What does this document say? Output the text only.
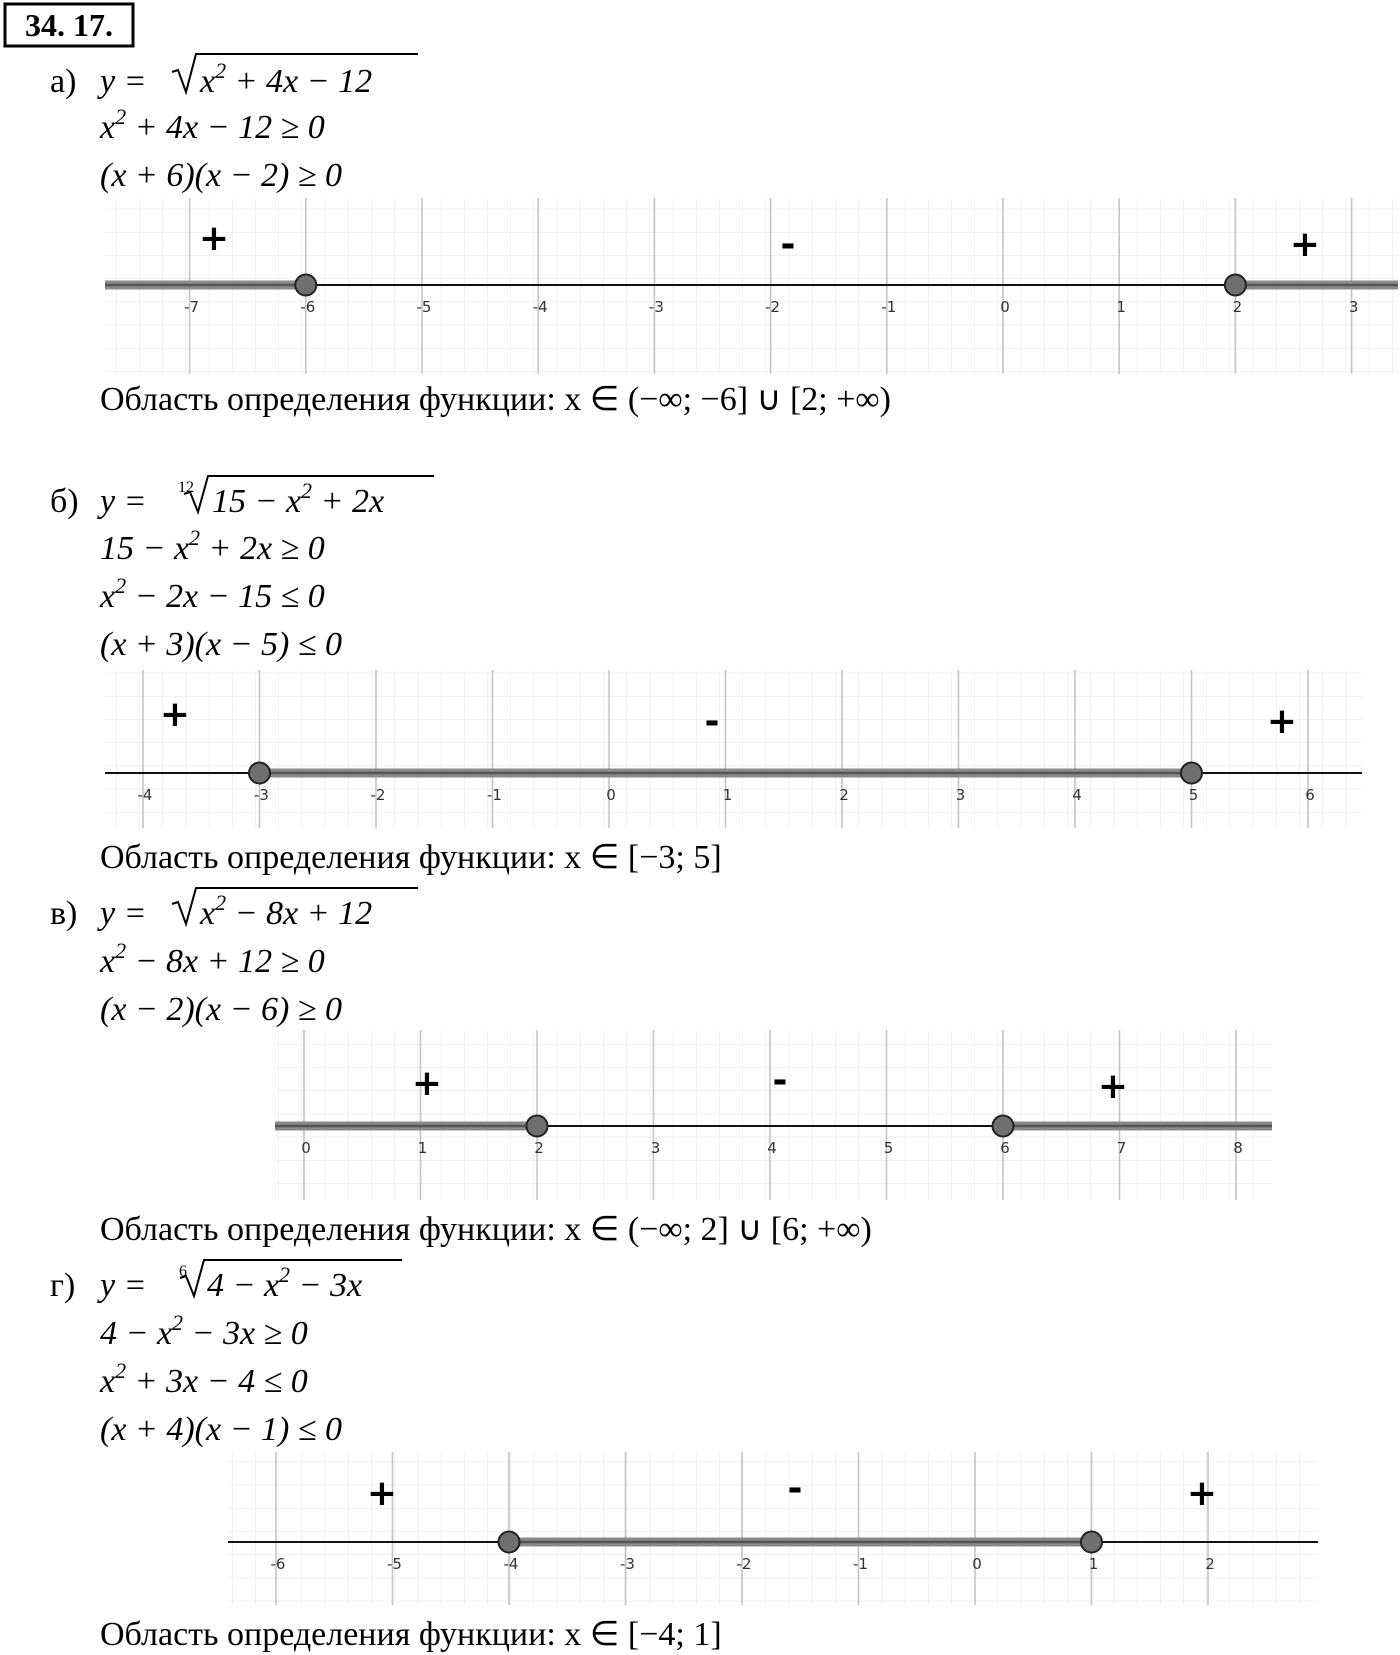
34. 17.
а) $y = x^2 + 4x - 12$
$x^2 + 4x - 12 \ge 0$
(x + 6)(x − 2) ≥ 0
-7	-6	-5	-4	-3	-2	-1	0	1	2	3
+	-	+
Область определения функции: x ∈ (−∞; −6] ∪ [2; +∞)
б) y = 12 $15 - x^2 + 2x$
$15 - x^2 + 2x \ge 0$
$x^2 - 2x - 15 \le 0$
(x + 3)(x − 5) ≤ 0
-4	-3	-2	-1	0	1	2	3	4	5	6
+	-	+
Область определения функции: x ∈ [−3; 5]
в) $y = x^2 - 8x + 12$
$x^2 - 8x + 12 \ge 0$
(x − 2)(x − 6) ≥ 0
0	1	2	3	4	5	6	7	8
+	-	+
Область определения функции: x ∈ (−∞; 2] ∪ [6; +∞)
г) y = 6 $4 - x^2 - 3x$
$4 - x^2 - 3x \ge 0$
$x^2 + 3x - 4 \le 0$
(x + 4)(x − 1) ≤ 0
-6	-5	-4	-3	-2	-1	0	1	2
+	-	+
Область определения функции: x ∈ [−4; 1]
